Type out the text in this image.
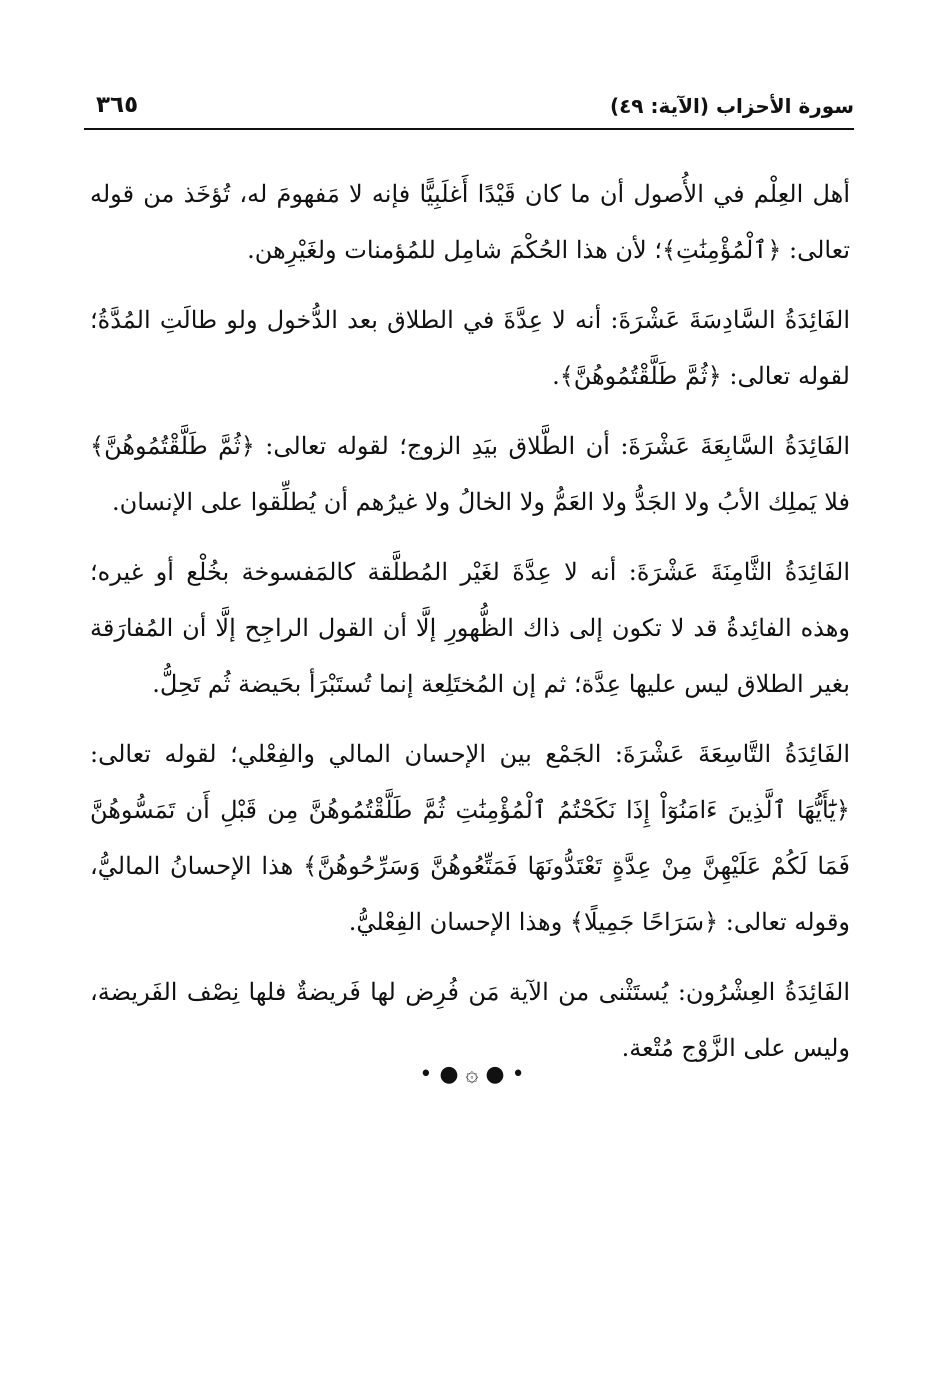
سورة الأحزاب (الآية: ٤٩)
٣٦٥

أهل العِلْم في الأُصول أن ما كان قَيْدًا أَغلَبِيًّا فإنه لا مَفهومَ له، تُؤخَذ من قوله تعالى: ﴿ٱلْمُؤْمِنَٰتِ﴾؛ لأن هذا الحُكْمَ شامِل للمُؤمنات ولغَيْرِهن.

الفَائِدَةُ السَّادِسَةَ عَشْرَةَ: أنه لا عِدَّةَ في الطلاق بعد الدُّخول ولو طالَتِ المُدَّةُ؛ لقوله تعالى: ﴿ثُمَّ طَلَّقْتُمُوهُنَّ﴾.

الفَائِدَةُ السَّابِعَةَ عَشْرَةَ: أن الطَّلاق بيَدِ الزوج؛ لقوله تعالى: ﴿ثُمَّ طَلَّقْتُمُوهُنَّ﴾ فلا يَملِك الأبُ ولا الجَدُّ ولا العَمُّ ولا الخالُ ولا غيرُهم أن يُطلِّقوا على الإنسان.

الفَائِدَةُ الثَّامِنَةَ عَشْرَةَ: أنه لا عِدَّةَ لغَيْر المُطلَّقة كالمَفسوخة بخُلْع أو غيره؛ وهذه الفائِدةُ قد لا تكون إلى ذاك الظُّهورِ إلَّا أن القول الراجِح إلَّا أن المُفارَقة بغير الطلاق ليس عليها عِدَّة؛ ثم إن المُختَلِعة إنما تُستَبْرَأ بحَيضة ثُم تَحِلُّ.

الفَائِدَةُ التَّاسِعَةَ عَشْرَةَ: الجَمْع بين الإحسان المالي والفِعْلي؛ لقوله تعالى: ﴿يَٰٓأَيُّهَا ٱلَّذِينَ ءَامَنُوٓاْ إِذَا نَكَحْتُمُ ٱلْمُؤْمِنَٰتِ ثُمَّ طَلَّقْتُمُوهُنَّ مِن قَبْلِ أَن تَمَسُّوهُنَّ فَمَا لَكُمْ عَلَيْهِنَّ مِنْ عِدَّةٍ تَعْتَدُّونَهَا فَمَتِّعُوهُنَّ وَسَرِّحُوهُنَّ﴾ هذا الإحسانُ الماليُّ، وقوله تعالى: ﴿سَرَاحًا جَمِيلًا﴾ وهذا الإحسان الفِعْليُّ.

الفَائِدَةُ العِشْرُون: يُستَثْنى من الآية مَن فُرِض لها فَريضةٌ فلها نِصْف الفَريضة، وليس على الزَّوْج مُتْعة.

• ● ۞ ● •
